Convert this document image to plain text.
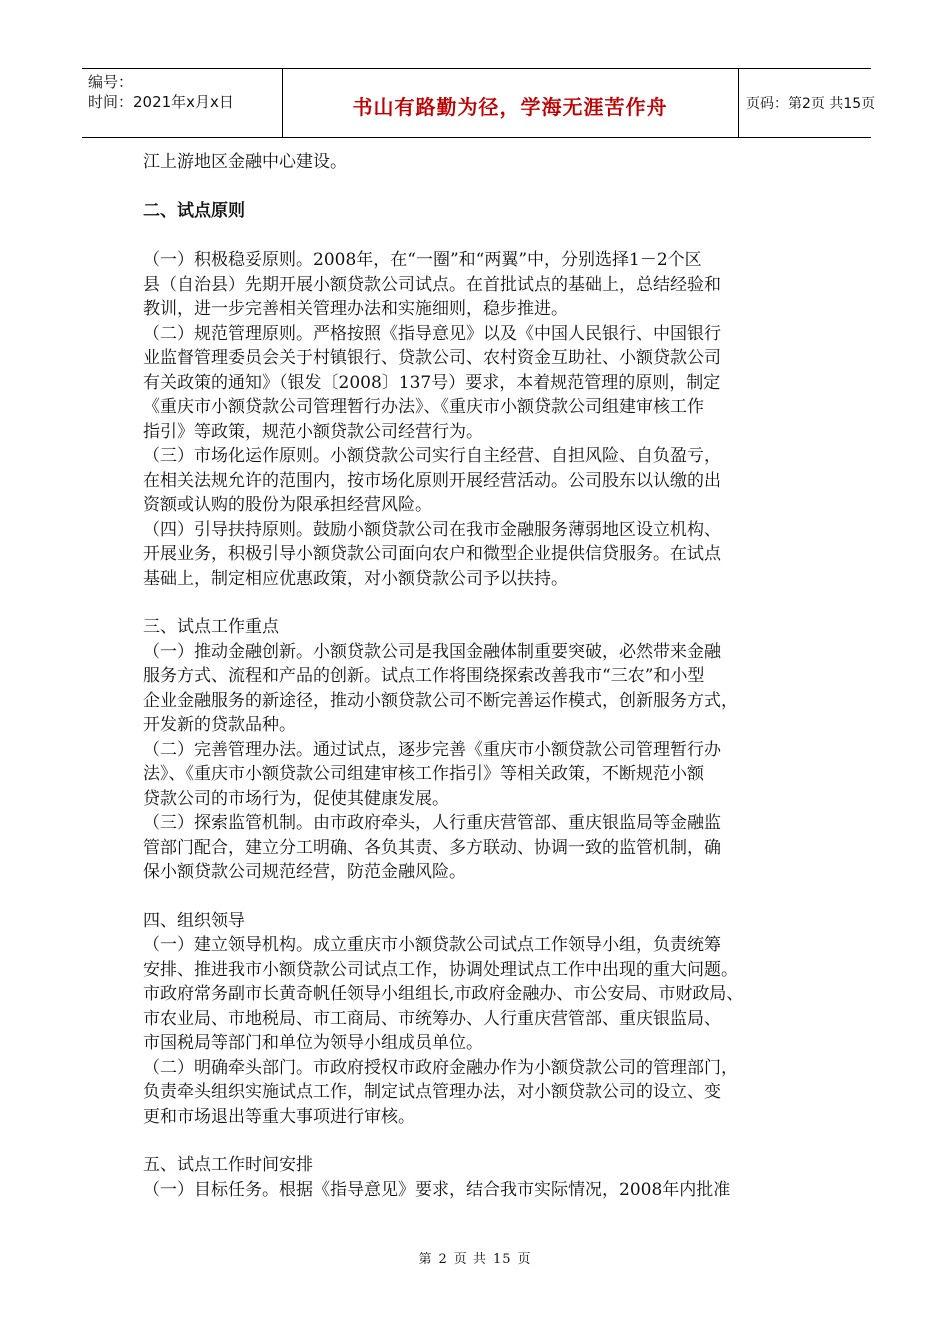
编号：
时间：2021年x月x日	书山有路勤为径，学海无涯苦作舟	页码：第2页 共15页
江上游地区金融中心建设。
二、试点原则
（一）积极稳妥原则。2008年，在“一圈”和“两翼”中，分别选择1－2个区
县（自治县）先期开展小额贷款公司试点。在首批试点的基础上，总结经验和
教训，进一步完善相关管理办法和实施细则，稳步推进。
（二）规范管理原则。严格按照《指导意见》以及《中国人民银行、中国银行
业监督管理委员会关于村镇银行、贷款公司、农村资金互助社、小额贷款公司
有关政策的通知》（银发〔2008〕137号）要求，本着规范管理的原则，制定
《重庆市小额贷款公司管理暂行办法》、《重庆市小额贷款公司组建审核工作
指引》等政策，规范小额贷款公司经营行为。
（三）市场化运作原则。小额贷款公司实行自主经营、自担风险、自负盈亏，
在相关法规允许的范围内，按市场化原则开展经营活动。公司股东以认缴的出
资额或认购的股份为限承担经营风险。
（四）引导扶持原则。鼓励小额贷款公司在我市金融服务薄弱地区设立机构、
开展业务，积极引导小额贷款公司面向农户和微型企业提供信贷服务。在试点
基础上，制定相应优惠政策，对小额贷款公司予以扶持。
三、试点工作重点
（一）推动金融创新。小额贷款公司是我国金融体制重要突破，必然带来金融
服务方式、流程和产品的创新。试点工作将围绕探索改善我市“三农”和小型
企业金融服务的新途径，推动小额贷款公司不断完善运作模式，创新服务方式，
开发新的贷款品种。
（二）完善管理办法。通过试点，逐步完善《重庆市小额贷款公司管理暂行办
法》、《重庆市小额贷款公司组建审核工作指引》等相关政策，不断规范小额
贷款公司的市场行为，促使其健康发展。
（三）探索监管机制。由市政府牵头，人行重庆营管部、重庆银监局等金融监
管部门配合，建立分工明确、各负其责、多方联动、协调一致的监管机制，确
保小额贷款公司规范经营，防范金融风险。
四、组织领导
（一）建立领导机构。成立重庆市小额贷款公司试点工作领导小组，负责统筹
安排、推进我市小额贷款公司试点工作，协调处理试点工作中出现的重大问题。
市政府常务副市长黄奇帆任领导小组组长,市政府金融办、市公安局、市财政局、
市农业局、市地税局、市工商局、市统筹办、人行重庆营管部、重庆银监局、
市国税局等部门和单位为领导小组成员单位。
（二）明确牵头部门。市政府授权市政府金融办作为小额贷款公司的管理部门，
负责牵头组织实施试点工作，制定试点管理办法，对小额贷款公司的设立、变
更和市场退出等重大事项进行审核。
五、试点工作时间安排
（一）目标任务。根据《指导意见》要求，结合我市实际情况，2008年内批准
第 2 页 共 15 页
